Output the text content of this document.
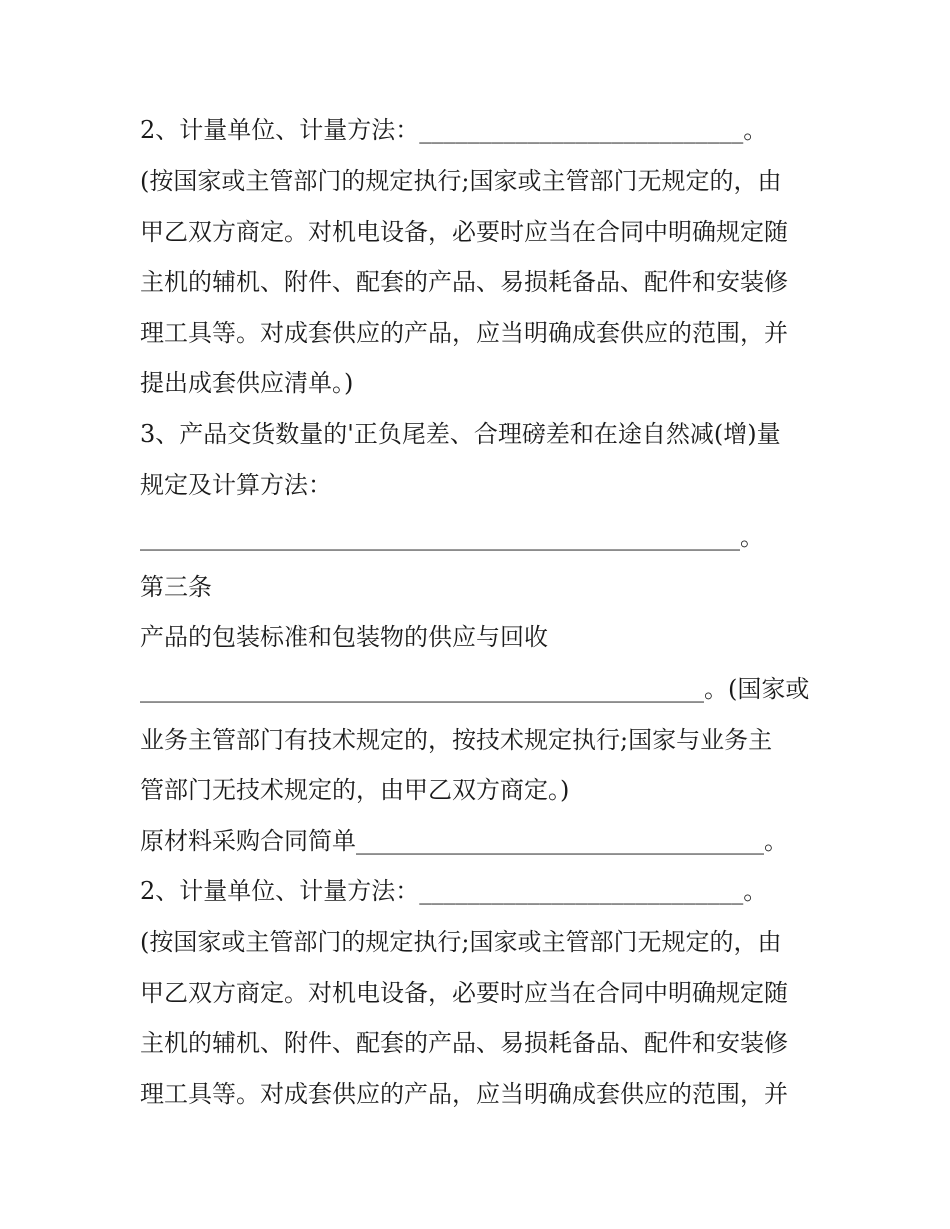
2、计量单位、计量方法：___________________________。
(按国家或主管部门的规定执行;国家或主管部门无规定的，由
甲乙双方商定。对机电设备，必要时应当在合同中明确规定随
主机的辅机、附件、配套的产品、易损耗备品、配件和安装修
理工具等。对成套供应的产品，应当明确成套供应的范围，并
提出成套供应清单。)
3、产品交货数量的'正负尾差、合理磅差和在途自然减(增)量
规定及计算方法：
__________________________________________________。
第三条
产品的包装标准和包装物的供应与回收
_______________________________________________。(国家或
业务主管部门有技术规定的，按技术规定执行;国家与业务主
管部门无技术规定的，由甲乙双方商定。)
原材料采购合同简单__________________________________。
2、计量单位、计量方法：___________________________。
(按国家或主管部门的规定执行;国家或主管部门无规定的，由
甲乙双方商定。对机电设备，必要时应当在合同中明确规定随
主机的辅机、附件、配套的产品、易损耗备品、配件和安装修
理工具等。对成套供应的产品，应当明确成套供应的范围，并
